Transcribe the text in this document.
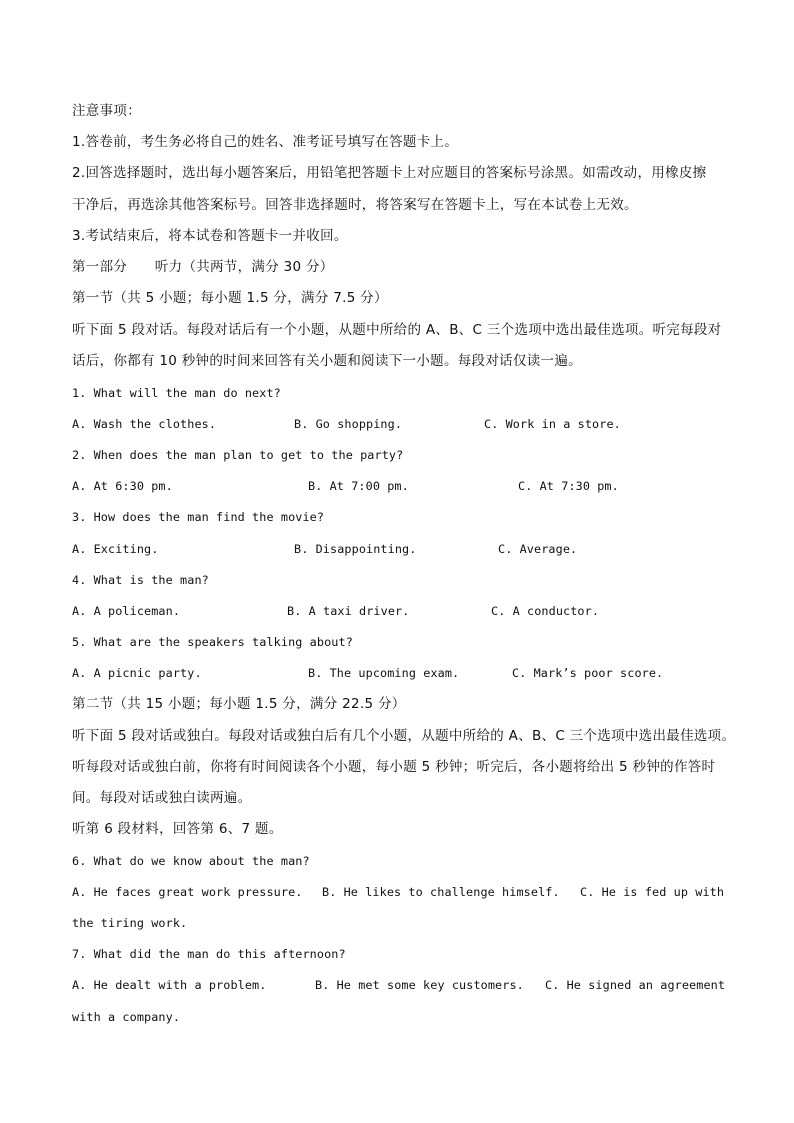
注意事项：
1.答卷前，考生务必将自己的姓名、准考证号填写在答题卡上。
2.回答选择题时，选出每小题答案后，用铅笔把答题卡上对应题目的答案标号涂黑。如需改动，用橡皮擦
干净后，再选涂其他答案标号。回答非选择题时，将答案写在答题卡上，写在本试卷上无效。
3.考试结束后，将本试卷和答题卡一并收回。
第一部分　　听力（共两节，满分 30 分）
第一节（共 5 小题；每小题 1.5 分，满分 7.5 分）
听下面 5 段对话。每段对话后有一个小题，从题中所给的 A、B、C 三个选项中选出最佳选项。听完每段对
话后，你都有 10 秒钟的时间来回答有关小题和阅读下一小题。每段对话仅读一遍。
1. What will the man do next?
A. Wash the clothes.	B. Go shopping.	C. Work in a store.
2. When does the man plan to get to the party?
A. At 6:30 pm.	B. At 7:00 pm.	C. At 7:30 pm.
3. How does the man find the movie?
A. Exciting.	B. Disappointing.	C. Average.
4. What is the man?
A. A policeman.	B. A taxi driver.	C. A conductor.
5. What are the speakers talking about?
A. A picnic party.	B. The upcoming exam.	C. Mark’s poor score.
第二节（共 15 小题；每小题 1.5 分，满分 22.5 分）
听下面 5 段对话或独白。每段对话或独白后有几个小题，从题中所给的 A、B、C 三个选项中选出最佳选项。
听每段对话或独白前，你将有时间阅读各个小题，每小题 5 秒钟；听完后，各小题将给出 5 秒钟的作答时
间。每段对话或独白读两遍。
听第 6 段材料，回答第 6、7 题。
6. What do we know about the man?
A. He faces great work pressure. B. He likes to challenge himself. C. He is fed up with
the tiring work.
7. What did the man do this afternoon?
A. He dealt with a problem.	B. He met some key customers. C. He signed an agreement
with a company.
